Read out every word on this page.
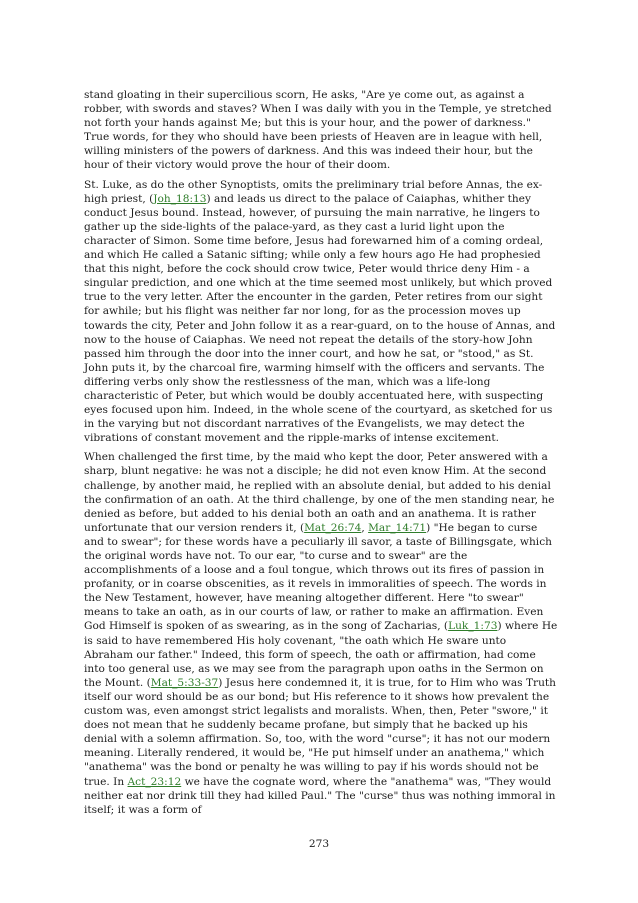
stand gloating in their supercilious scorn, He asks, "Are ye come out, as against a robber, with swords and staves? When I was daily with you in the Temple, ye stretched not forth your hands against Me; but this is your hour, and the power of darkness." True words, for they who should have been priests of Heaven are in league with hell, willing ministers of the powers of darkness. And this was indeed their hour, but the hour of their victory would prove the hour of their doom.

St. Luke, as do the other Synoptists, omits the preliminary trial before Annas, the ex-high priest, (Joh_18:13) and leads us direct to the palace of Caiaphas, whither they conduct Jesus bound. Instead, however, of pursuing the main narrative, he lingers to gather up the side-lights of the palace-yard, as they cast a lurid light upon the character of Simon. Some time before, Jesus had forewarned him of a coming ordeal, and which He called a Satanic sifting; while only a few hours ago He had prophesied that this night, before the cock should crow twice, Peter would thrice deny Him - a singular prediction, and one which at the time seemed most unlikely, but which proved true to the very letter. After the encounter in the garden, Peter retires from our sight for awhile; but his flight was neither far nor long, for as the procession moves up towards the city, Peter and John follow it as a rear-guard, on to the house of Annas, and now to the house of Caiaphas. We need not repeat the details of the story-how John passed him through the door into the inner court, and how he sat, or "stood," as St. John puts it, by the charcoal fire, warming himself with the officers and servants. The differing verbs only show the restlessness of the man, which was a life-long characteristic of Peter, but which would be doubly accentuated here, with suspecting eyes focused upon him. Indeed, in the whole scene of the courtyard, as sketched for us in the varying but not discordant narratives of the Evangelists, we may detect the vibrations of constant movement and the ripple-marks of intense excitement.

When challenged the first time, by the maid who kept the door, Peter answered with a sharp, blunt negative: he was not a disciple; he did not even know Him. At the second challenge, by another maid, he replied with an absolute denial, but added to his denial the confirmation of an oath. At the third challenge, by one of the men standing near, he denied as before, but added to his denial both an oath and an anathema. It is rather unfortunate that our version renders it, (Mat_26:74, Mar_14:71) "He began to curse and to swear"; for these words have a peculiarly ill savor, a taste of Billingsgate, which the original words have not. To our ear, "to curse and to swear" are the accomplishments of a loose and a foul tongue, which throws out its fires of passion in profanity, or in coarse obscenities, as it revels in immoralities of speech. The words in the New Testament, however, have meaning altogether different. Here "to swear" means to take an oath, as in our courts of law, or rather to make an affirmation. Even God Himself is spoken of as swearing, as in the song of Zacharias, (Luk_1:73) where He is said to have remembered His holy covenant, "the oath which He sware unto Abraham our father." Indeed, this form of speech, the oath or affirmation, had come into too general use, as we may see from the paragraph upon oaths in the Sermon on the Mount. (Mat_5:33-37) Jesus here condemned it, it is true, for to Him who was Truth itself our word should be as our bond; but His reference to it shows how prevalent the custom was, even amongst strict legalists and moralists. When, then, Peter "swore," it does not mean that he suddenly became profane, but simply that he backed up his denial with a solemn affirmation. So, too, with the word "curse"; it has not our modern meaning. Literally rendered, it would be, "He put himself under an anathema," which "anathema" was the bond or penalty he was willing to pay if his words should not be true. In Act_23:12 we have the cognate word, where the "anathema" was, "They would neither eat nor drink till they had killed Paul." The "curse" thus was nothing immoral in itself; it was a form of

273
